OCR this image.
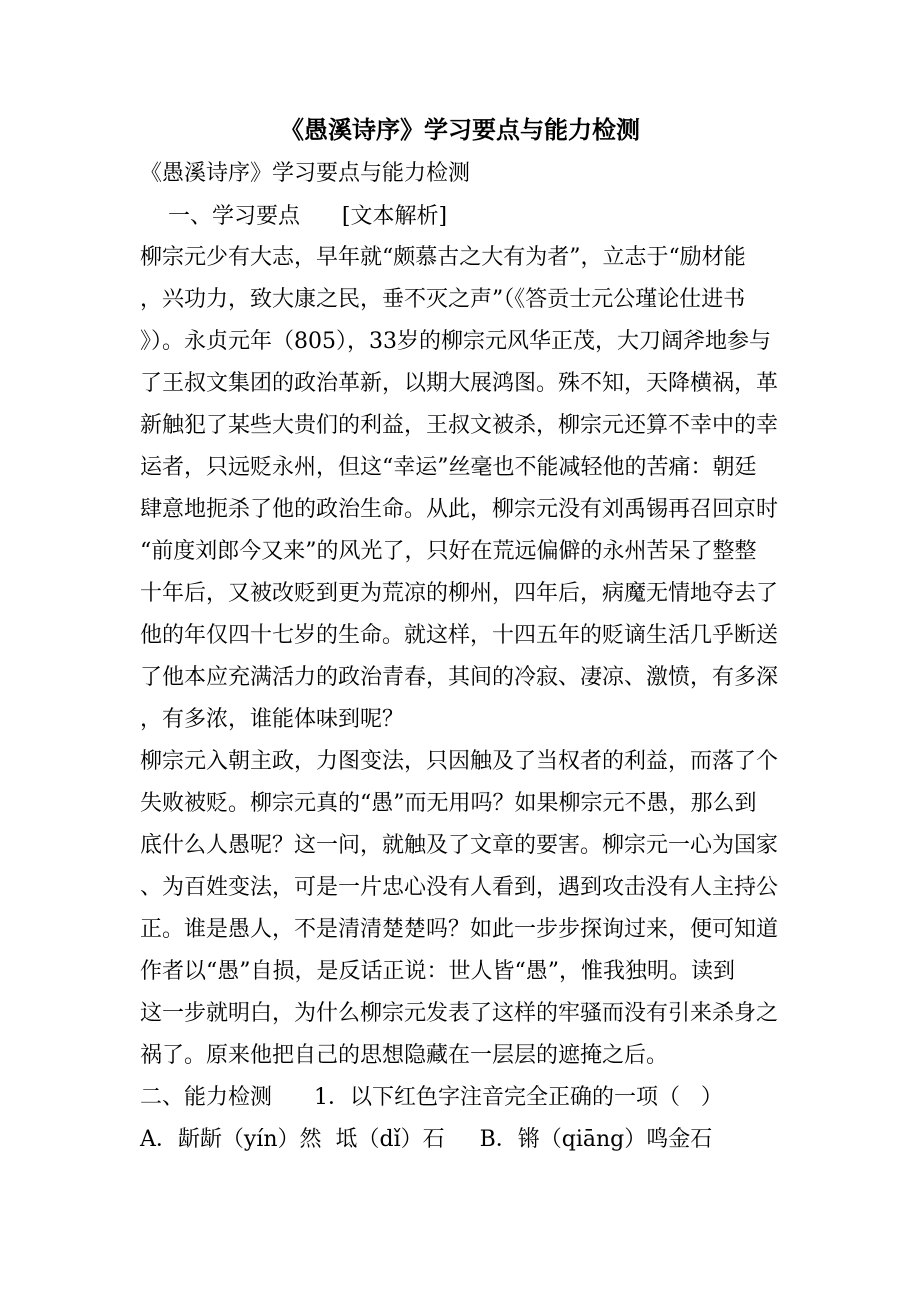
《愚溪诗序》学习要点与能力检测
《愚溪诗序》学习要点与能力检测
一、学习要点      [文本解析]
柳宗元少有大志，早年就“颇慕古之大有为者”，立志于“励材能
，兴功力，致大康之民，垂不灭之声”（《答贡士元公瑾论仕进书
》）。永贞元年（805），33岁的柳宗元风华正茂，大刀阔斧地参与
了王叔文集团的政治革新，以期大展鸿图。殊不知，天降横祸，革
新触犯了某些大贵们的利益，王叔文被杀，柳宗元还算不幸中的幸
运者，只远贬永州，但这“幸运”丝毫也不能减轻他的苦痛：朝廷
肆意地扼杀了他的政治生命。从此，柳宗元没有刘禹锡再召回京时
“前度刘郎今又来”的风光了，只好在荒远偏僻的永州苦呆了整整
十年后，又被改贬到更为荒凉的柳州，四年后，病魔无情地夺去了
他的年仅四十七岁的生命。就这样，十四五年的贬谪生活几乎断送
了他本应充满活力的政治青春，其间的冷寂、凄凉、激愤，有多深
，有多浓，谁能体味到呢？
柳宗元入朝主政，力图变法，只因触及了当权者的利益，而落了个
失败被贬。柳宗元真的“愚”而无用吗？如果柳宗元不愚，那么到
底什么人愚呢？这一问，就触及了文章的要害。柳宗元一心为国家
、为百姓变法，可是一片忠心没有人看到，遇到攻击没有人主持公
正。谁是愚人，不是清清楚楚吗？如此一步步探询过来，便可知道
作者以“愚”自损，是反话正说：世人皆“愚”，惟我独明。读到
这一步就明白，为什么柳宗元发表了这样的牢骚而没有引来杀身之
祸了。原来他把自己的思想隐藏在一层层的遮掩之后。
二、能力检测      1．以下红色字注音完全正确的一项（   ）
A．龂龂（yín）然  坻（dǐ）石     B．锵（qiāng）鸣金石
